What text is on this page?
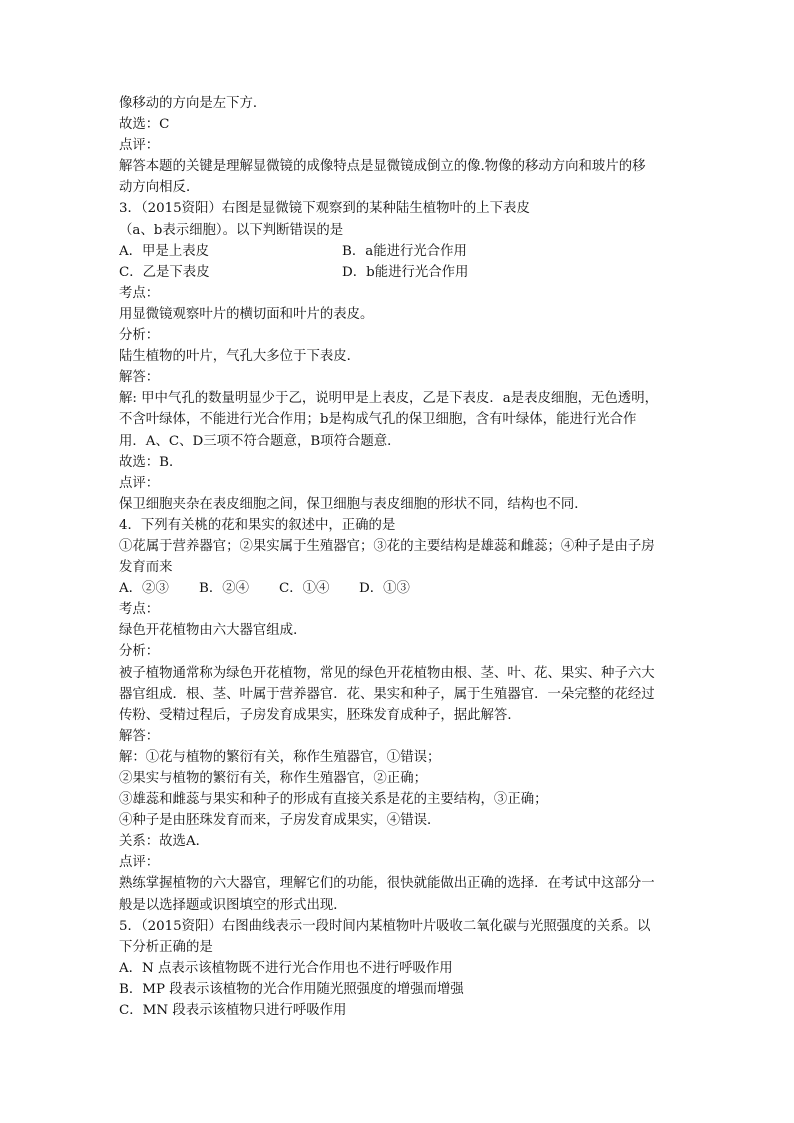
像移动的方向是左下方．
故选：C
点评：
解答本题的关键是理解显微镜的成像特点是显微镜成倒立的像.物像的移动方向和玻片的移
动方向相反．
3．（2015资阳）右图是显微镜下观察到的某种陆生植物叶的上下表皮
（a、b表示细胞）。以下判断错误的是
A．甲是上表皮	B．a能进行光合作用
C．乙是下表皮	D．b能进行光合作用
考点：
用显微镜观察叶片的横切面和叶片的表皮。
分析：
陆生植物的叶片，气孔大多位于下表皮．
解答：
解: 甲中气孔的数量明显少于乙，说明甲是上表皮，乙是下表皮．a是表皮细胞，无色透明，
不含叶绿体，不能进行光合作用；b是构成气孔的保卫细胞，含有叶绿体，能进行光合作
用．A、C、D三项不符合题意，B项符合题意．
故选：B．
点评：
保卫细胞夹杂在表皮细胞之间，保卫细胞与表皮细胞的形状不同，结构也不同．
4．下列有关桃的花和果实的叙述中，正确的是
①花属于营养器官；②果实属于生殖器官；③花的主要结构是雄蕊和雌蕊；④种子是由子房
发育而来
A．②③	B．②④	C．①④	D．①③
考点：
绿色开花植物由六大器官组成．
分析：
被子植物通常称为绿色开花植物，常见的绿色开花植物由根、茎、叶、花、果实、种子六大
器官组成．根、茎、叶属于营养器官．花、果实和种子，属于生殖器官．一朵完整的花经过
传粉、受精过程后，子房发育成果实，胚珠发育成种子，据此解答．
解答：
解：①花与植物的繁衍有关，称作生殖器官，①错误；
②果实与植物的繁衍有关，称作生殖器官，②正确；
③雄蕊和雌蕊与果实和种子的形成有直接关系是花的主要结构，③正确；
④种子是由胚珠发育而来，子房发育成果实，④错误．
关系：故选A．
点评：
熟练掌握植物的六大器官，理解它们的功能，很快就能做出正确的选择．在考试中这部分一
般是以选择题或识图填空的形式出现．
5．（2015资阳）右图曲线表示一段时间内某植物叶片吸收二氧化碳与光照强度的关系。以
下分析正确的是
A．N 点表示该植物既不进行光合作用也不进行呼吸作用
B．MP 段表示该植物的光合作用随光照强度的增强而增强
C．MN 段表示该植物只进行呼吸作用
